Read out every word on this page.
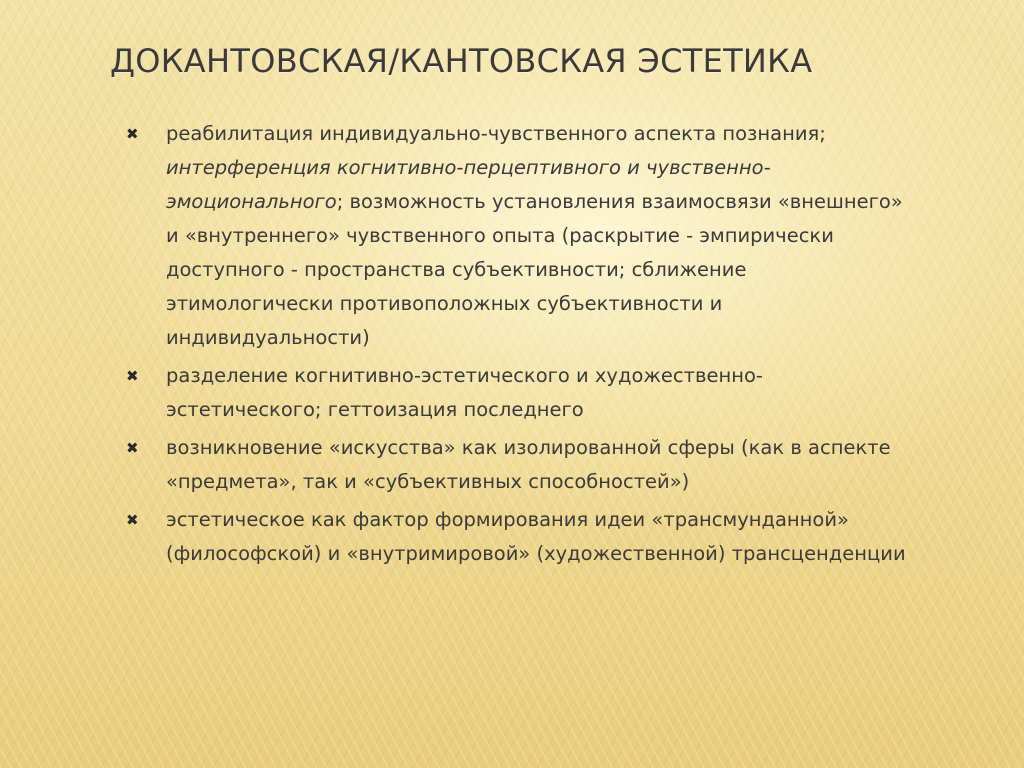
ДОКАНТОВСКАЯ/КАНТОВСКАЯ ЭСТЕТИКА
✖ реабилитация индивидуально-чувственного аспекта познания; интерференция когнитивно-перцептивного и чувственно-эмоционального; возможность установления взаимосвязи «внешнего» и «внутреннего» чувственного опыта (раскрытие - эмпирически доступного - пространства субъективности; сближение этимологически противоположных субъективности и индивидуальности)
✖ разделение когнитивно-эстетического и художественно-эстетического; геттоизация последнего
✖ возникновение «искусства» как изолированной сферы (как в аспекте «предмета», так и «субъективных способностей»)
✖ эстетическое как фактор формирования идеи «трансмунданной» (философской) и «внутримировой» (художественной) трансценденции
